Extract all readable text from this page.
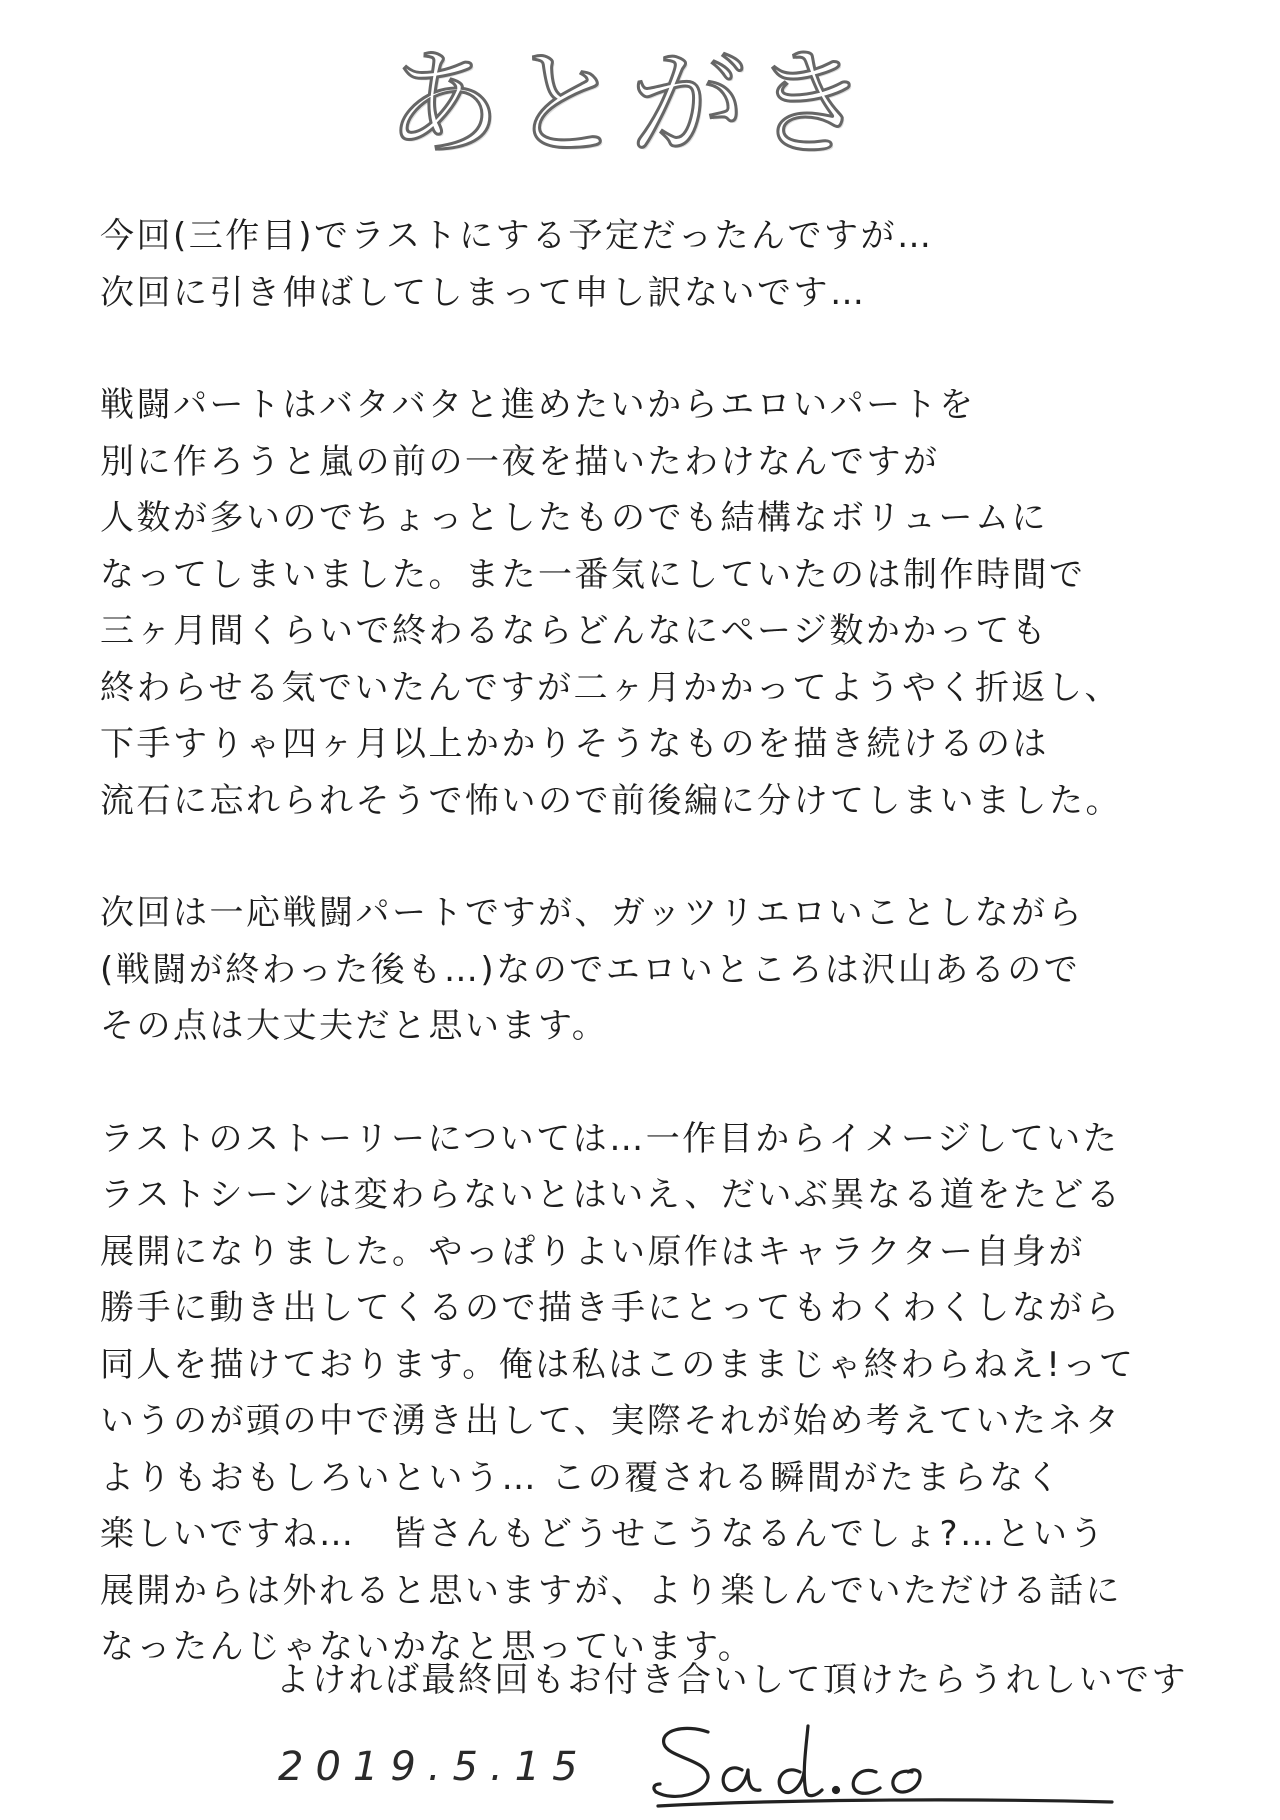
あとがき
今回(三作目)でラストにする予定だったんですが…
次回に引き伸ばしてしまって申し訳ないです…
戦闘パートはバタバタと進めたいからエロいパートを
別に作ろうと嵐の前の一夜を描いたわけなんですが
人数が多いのでちょっとしたものでも結構なボリュームに
なってしまいました。また一番気にしていたのは制作時間で
三ヶ月間くらいで終わるならどんなにページ数かかっても
終わらせる気でいたんですが二ヶ月かかってようやく折返し、
下手すりゃ四ヶ月以上かかりそうなものを描き続けるのは
流石に忘れられそうで怖いので前後編に分けてしまいました。
次回は一応戦闘パートですが、ガッツリエロいことしながら
(戦闘が終わった後も…)なのでエロいところは沢山あるので
その点は大丈夫だと思います。
ラストのストーリーについては…一作目からイメージしていた
ラストシーンは変わらないとはいえ、だいぶ異なる道をたどる
展開になりました。やっぱりよい原作はキャラクター自身が
勝手に動き出してくるので描き手にとってもわくわくしながら
同人を描けております。俺は私はこのままじゃ終わらねえ!って
いうのが頭の中で湧き出して、実際それが始め考えていたネタ
よりもおもしろいという… この覆される瞬間がたまらなく
楽しいですね…　皆さんもどうせこうなるんでしょ?…という
展開からは外れると思いますが、より楽しんでいただける話に
なったんじゃないかなと思っています。
よければ最終回もお付き合いして頂けたらうれしいです
2019.5.15
